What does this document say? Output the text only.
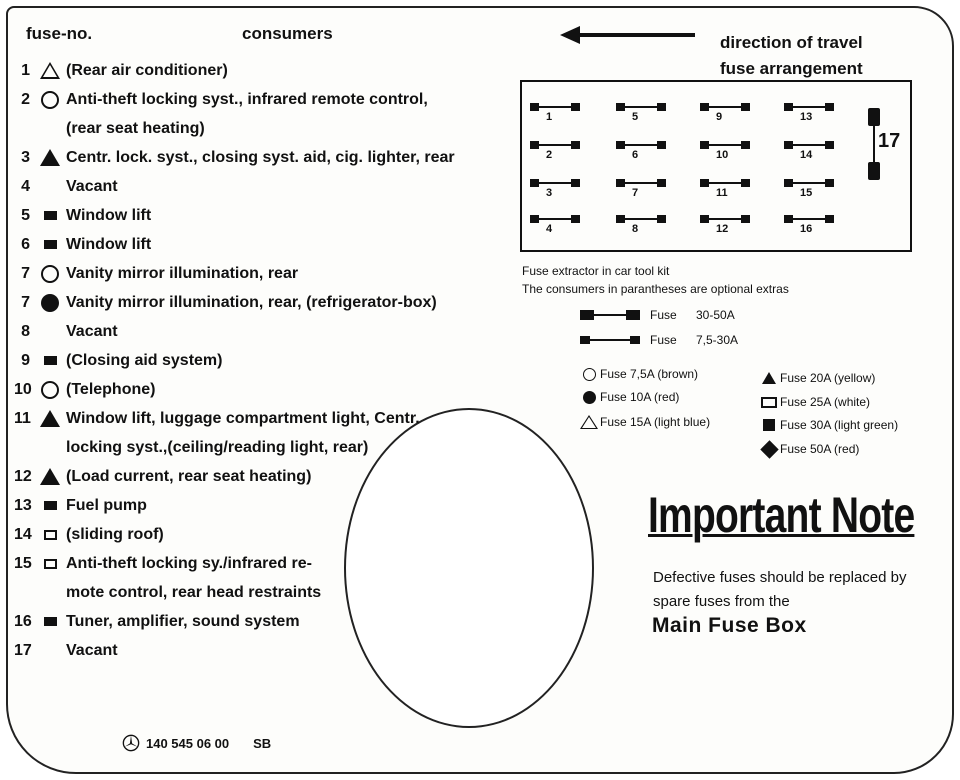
fuse-no.	consumers
1 (Rear air conditioner)
2 Anti-theft locking syst., infrared remote control,
(rear seat heating)
3 Centr. lock. syst., closing syst. aid, cig. lighter, rear
4 Vacant
5 Window lift
6 Window lift
7 Vanity mirror illumination, rear
7 Vanity mirror illumination, rear, (refrigerator-box)
8 Vacant
9 (Closing aid system)
10 (Telephone)
11 Window lift, luggage compartment light, Centr.
locking syst.,(ceiling/reading light, rear)
12 (Load current, rear seat heating)
13 Fuel pump
14 (sliding roof)
15 Anti-theft locking sy./infrared re-
mote control, rear head restraints
16 Tuner, amplifier, sound system
17 Vacant
direction of travel
fuse arrangement
17
1
2
3
4
5
6
7
8
9
10
11
12
13
14
15
16
Fuse extractor in car tool kit
The consumers in parantheses are optional extras
Fuse	30-50A
Fuse	7,5-30A
Fuse 7,5A (brown)
Fuse 10A (red)
Fuse 15A (light blue)
Fuse 20A (yellow)
Fuse 25A (white)
Fuse 30A (light green)
Fuse 50A (red)
Important Note
Defective fuses should be replaced by
spare fuses from the
Main Fuse Box
140 545 06 00 SB
